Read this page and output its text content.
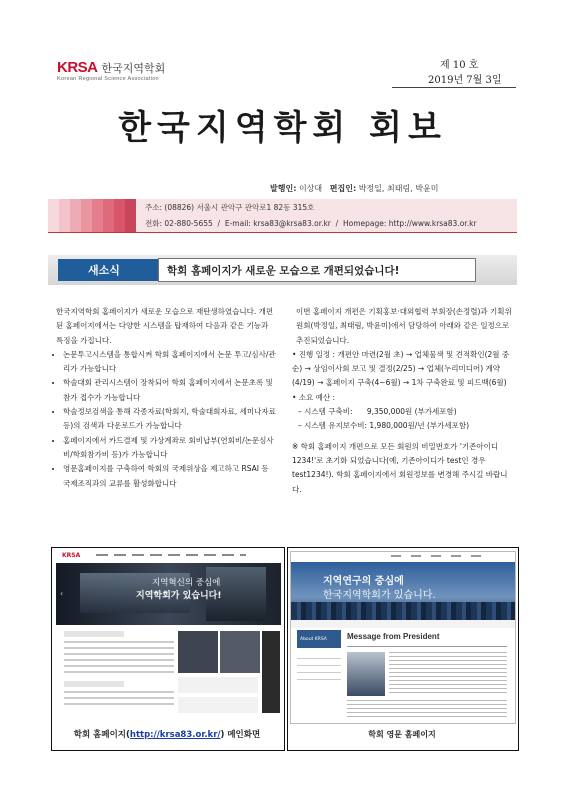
KRSA 한국지역학회
Korean Regional Science Association
제 10 호
2019년 7월 3일
한국지역학회 회보
발행인: 이상대 편집인: 박정일, 최태림, 박윤미
주소: (08826) 서울시 관악구 관악로1 82동 315호
전화: 02-880-5655  /  E-mail: krsa83@krsa83.or.kr  /  Homepage: http://www.krsa83.or.kr
새소식	학회 홈페이지가 새로운 모습으로 개편되었습니다!

한국지역학회 홈페이지가 새로운 모습으로 재탄생하였습니다. 개편된 홈페이지에서는 다양한 시스템을 탑재하여 다음과 같은 기능과 특징을 가집니다.

• 논문투고시스템을 통합시켜 학회 홈페이지에서 논문 투고/심사/관리가 가능합니다
• 학술대회 관리시스템이 장착되어 학회 홈페이지에서 논문초록 및 참가 접수가 가능합니다
• 학술정보검색을 통해 각종자료(학회지, 학술대회자료, 세미나자료 등)의 검색과 다운로드가 가능합니다
• 홈페이지에서 카드결제 및 가상계좌로 회비납부(연회비/논문심사비/학회참가비 등)가 가능합니다
• 영문홈페이지를 구축하여 학회의 국제위상을 제고하고 RSAI 등 국제조직과의 교류를 활성화합니다

이번 홈페이지 개편은 기획홍보·대외협력 부회장(손정렬)과 기획위원회(박정일, 최태림, 박윤미)에서 담당하여 아래와 같은 일정으로 추진되었습니다.

• 진행 일정 : 개편안 마련(2월 초) → 업체물색 및 견적확인(2월 중순) → 상임이사회 보고 및 결정(2/25) → 업체(누리미디어) 계약(4/19) → 홈페이지 구축(4~6월) → 1차 구축완료 및 피드백(6월)

• 소요 예산 :

– 시스템 구축비:      9,350,000원 (부가세포함)

– 시스템 유지보수비: 1,980,000원/년 (부가세포함)

※ 학회 홈페이지 개편으로 모든 회원의 비밀번호가 '기존아이디1234!'로 초기화 되었습니다(예, 기존아이디가 test인 경우 test1234!). 학회 홈페이지에서 회원정보를 변경해 주시길 바랍니다.

KRSA
지역혁신의 중심에
지역학회가 있습니다!
‹
학회 홈페이지(http://krsa83.or.kr/) 메인화면
지역연구의 중심에
한국지역학회가 있습니다.
About KRSA	Message from President
학회 영문 홈페이지
